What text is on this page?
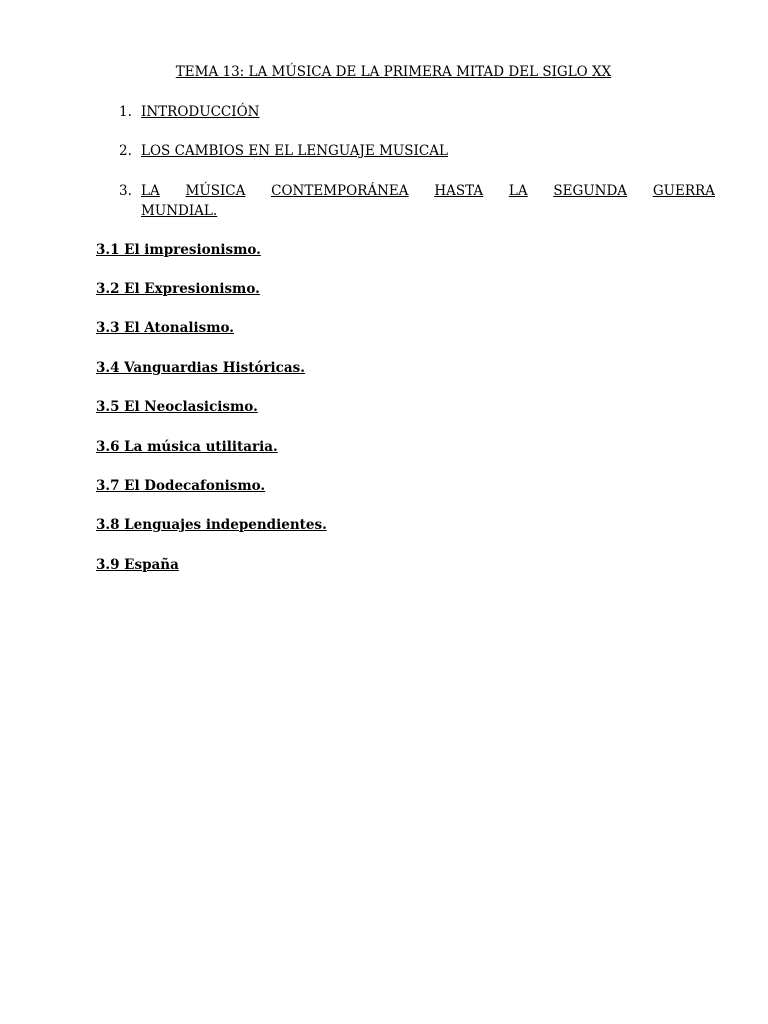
TEMA 13: LA MÚSICA DE LA PRIMERA MITAD DEL SIGLO XX
1. INTRODUCCIÓN
2. LOS CAMBIOS EN EL LENGUAJE MUSICAL
3. LA MÚSICA CONTEMPORÁNEA HASTA LA SEGUNDA GUERRA
MUNDIAL.
3.1 El impresionismo.
3.2 El Expresionismo.
3.3 El Atonalismo.
3.4 Vanguardias Históricas.
3.5 El Neoclasicismo.
3.6 La música utilitaria.
3.7 El Dodecafonismo.
3.8 Lenguajes independientes.
3.9 España
